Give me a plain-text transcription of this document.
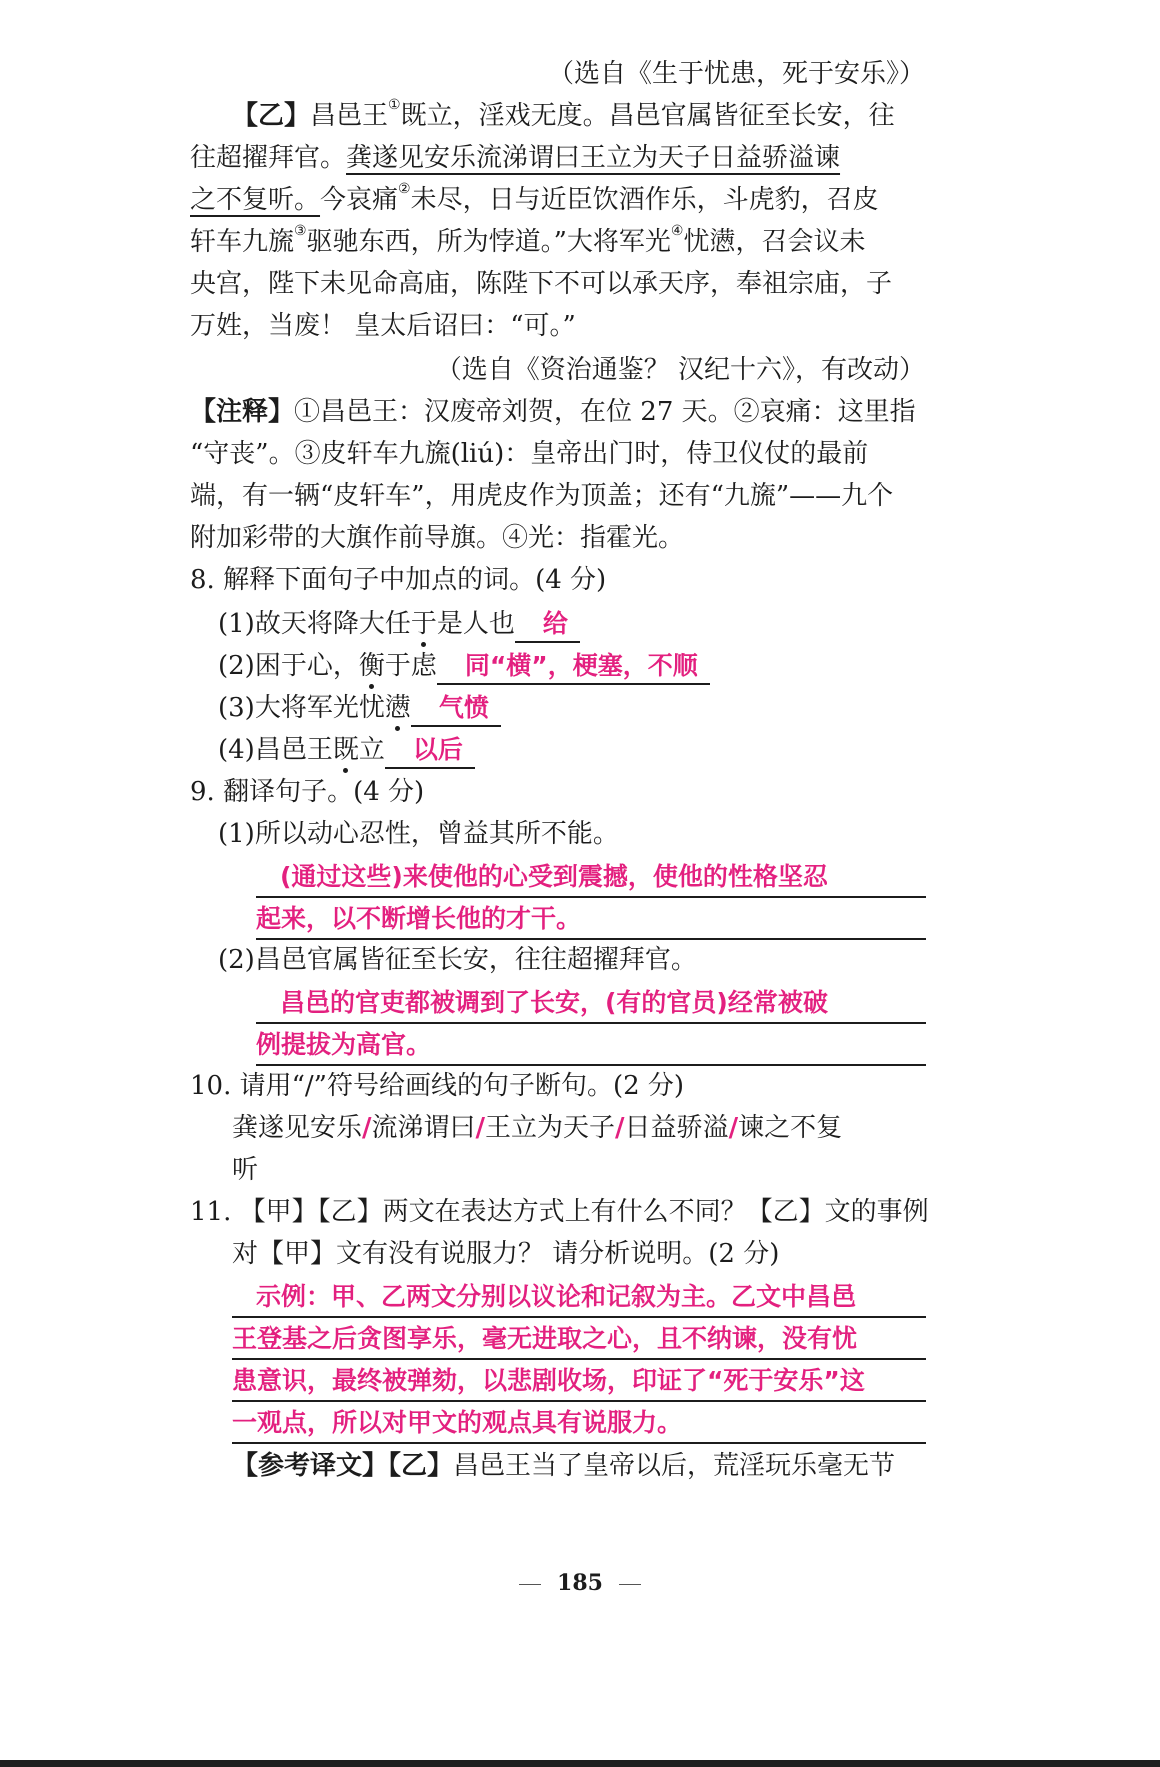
（选自《生于忧患，死于安乐》）
【乙】昌邑王①既立，淫戏无度。昌邑官属皆征至长安，往
往超擢拜官。龚遂见安乐流涕谓曰王立为天子日益骄溢谏
之不复听。今哀痛②未尽，日与近臣饮酒作乐，斗虎豹，召皮
轩车九旒③驱驰东西，所为悖道。”大将军光④忧懑，召会议未
央宫，陛下未见命高庙，陈陛下不可以承天序，奉祖宗庙，子
万姓，当废！ 皇太后诏曰：“可。”
（选自《资治通鉴？ 汉纪十六》，有改动）
【注释】①昌邑王：汉废帝刘贺，在位 27 天。②哀痛：这里指
“守丧”。③皮轩车九旒(liú)：皇帝出门时，侍卫仪仗的最前
端，有一辆“皮轩车”，用虎皮作为顶盖；还有“九旒”——九个
附加彩带的大旗作前导旗。④光：指霍光。
8. 解释下面句子中加点的词。(4 分)
(1)故天将降大任于是人也 给
(2)困于心，衡于虑 同“横”，梗塞，不顺
(3)大将军光忧懑 气愤
(4)昌邑王既立 以后
9. 翻译句子。(4 分)
(1)所以动心忍性，曾益其所不能。
(通过这些)来使他的心受到震撼，使他的性格坚忍
起来，以不断增长他的才干。
(2)昌邑官属皆征至长安，往往超擢拜官。
昌邑的官吏都被调到了长安，(有的官员)经常被破
例提拔为高官。
10. 请用“/”符号给画线的句子断句。(2 分)
龚遂见安乐/流涕谓曰/王立为天子/日益骄溢/谏之不复
听
11. 【甲】【乙】两文在表达方式上有什么不同？【乙】文的事例
对【甲】文有没有说服力？ 请分析说明。(2 分)
示例：甲、乙两文分别以议论和记叙为主。乙文中昌邑
王登基之后贪图享乐，毫无进取之心，且不纳谏，没有忧
患意识，最终被弹劾，以悲剧收场，印证了“死于安乐”这
一观点，所以对甲文的观点具有说服力。
【参考译文】【乙】昌邑王当了皇帝以后，荒淫玩乐毫无节
185
